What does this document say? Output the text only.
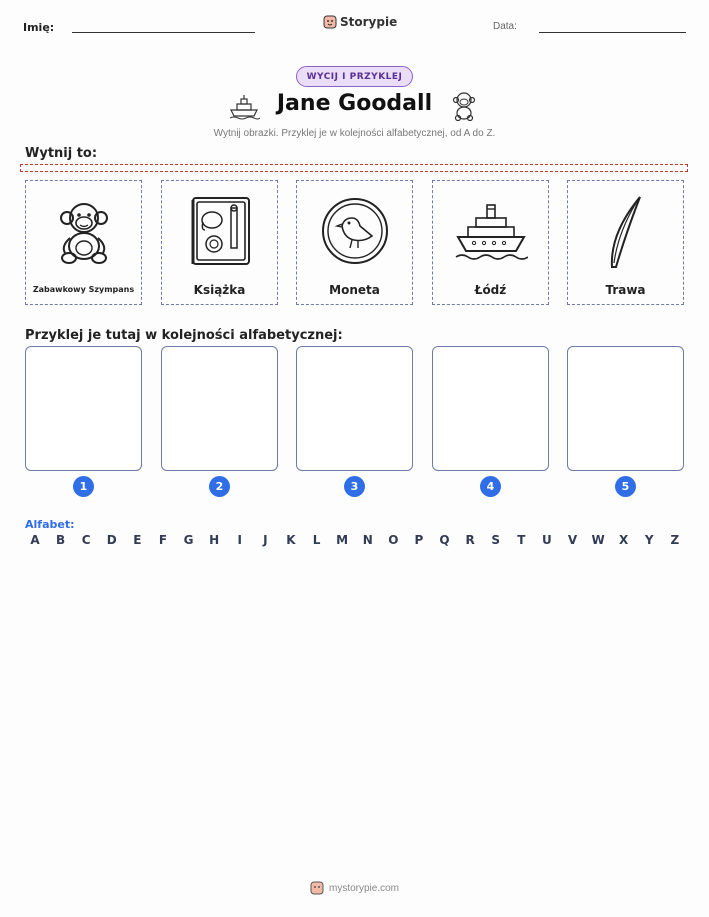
Imię:	Storypie	Data:
WYCIJ I PRZYKLEJ
Jane Goodall
Wytnij obrazki. Przyklej je w kolejności alfabetycznej, od A do Z.
Wytnij to:
Zabawkowy Szympans	Książka	Moneta	Łódź	Trawa
Przyklej je tutaj w kolejności alfabetycznej:
1	2	3	4	5
Alfabet:
A	B	C	D	E	F	G	H	I	J	K	L	M	N	O	P	Q	R	S	T	U	V	W	X	Y	Z
mystorypie.com
